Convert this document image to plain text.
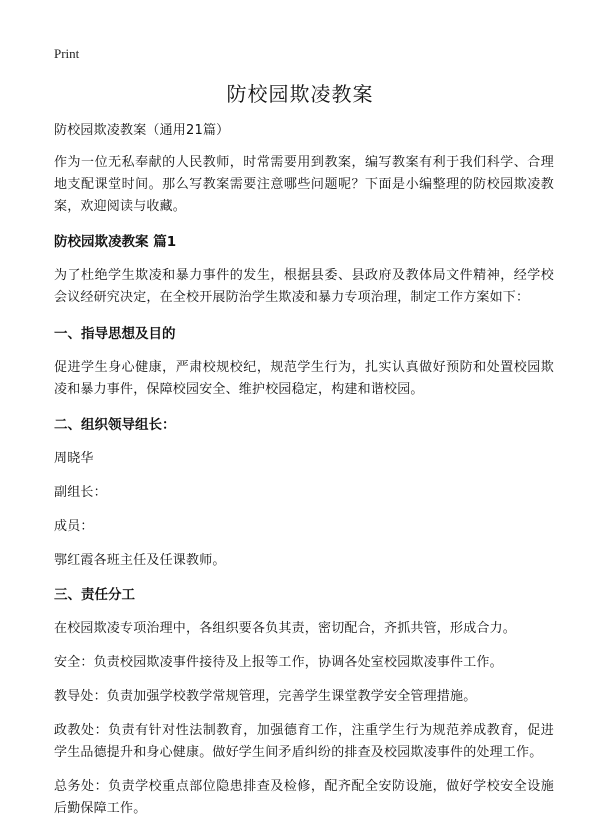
Print
防校园欺凌教案

防校园欺凌教案（通用21篇）

作为一位无私奉献的人民教师，时常需要用到教案，编写教案有利于我们科学、合理地支配课堂时间。那么写教案需要注意哪些问题呢？下面是小编整理的防校园欺凌教案，欢迎阅读与收藏。

防校园欺凌教案 篇1

为了杜绝学生欺凌和暴力事件的发生，根据县委、县政府及教体局文件精神，经学校会议经研究决定，在全校开展防治学生欺凌和暴力专项治理，制定工作方案如下：

一、指导思想及目的

促进学生身心健康，严肃校规校纪，规范学生行为，扎实认真做好预防和处置校园欺凌和暴力事件，保障校园安全、维护校园稳定，构建和谐校园。

二、组织领导组长：

周晓华

副组长：

成员：

鄂红霞各班主任及任课教师。

三、责任分工

在校园欺凌专项治理中，各组织要各负其责，密切配合，齐抓共管，形成合力。

安全：负责校园欺凌事件接待及上报等工作，协调各处室校园欺凌事件工作。

教导处：负责加强学校教学常规管理，完善学生课堂教学安全管理措施。

政教处：负责有针对性法制教育，加强德育工作，注重学生行为规范养成教育，促进学生品德提升和身心健康。做好学生间矛盾纠纷的排查及校园欺凌事件的处理工作。

总务处：负责学校重点部位隐患排查及检修，配齐配全安防设施，做好学校安全设施后勤保障工作。
